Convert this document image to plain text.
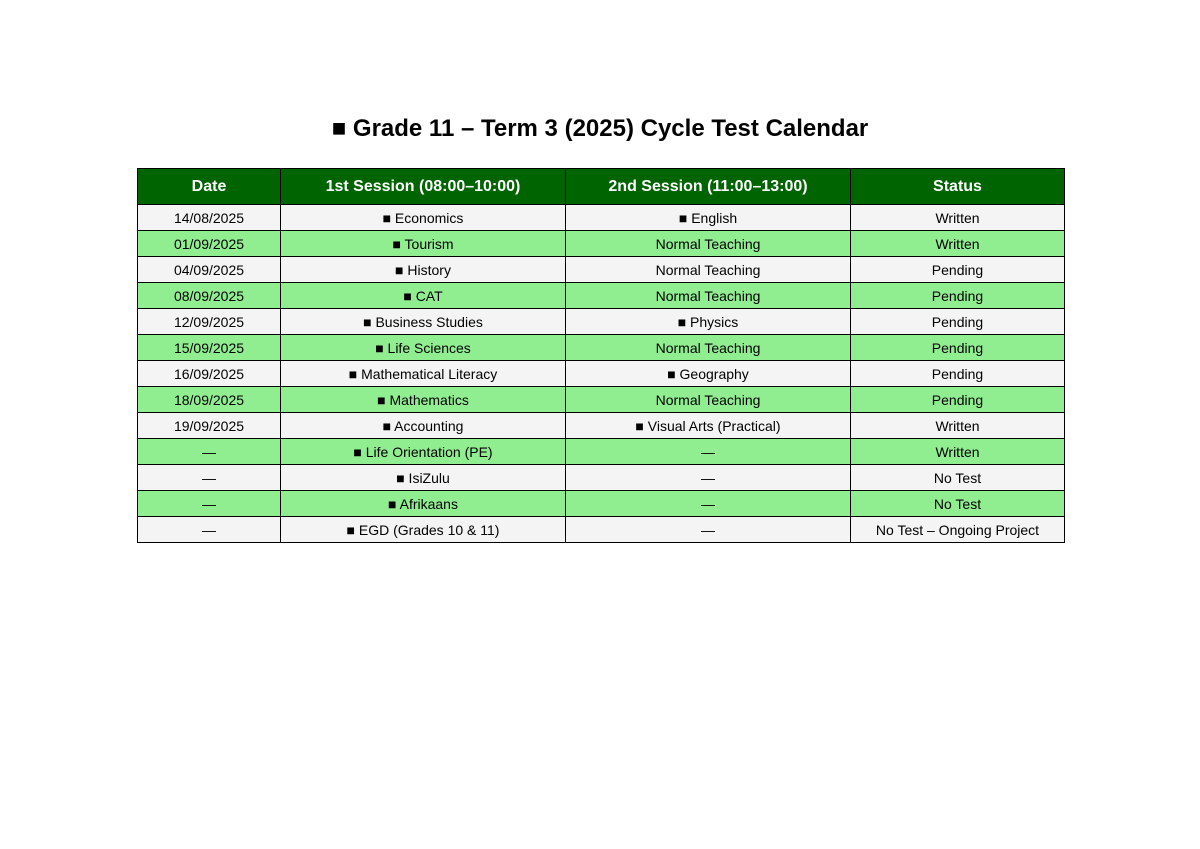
■ Grade 11 – Term 3 (2025) Cycle Test Calendar
Date	1st Session (08:00–10:00)	2nd Session (11:00–13:00)	Status
14/08/2025	■ Economics	■ English	Written
01/09/2025	■ Tourism	Normal Teaching	Written
04/09/2025	■ History	Normal Teaching	Pending
08/09/2025	■ CAT	Normal Teaching	Pending
12/09/2025	■ Business Studies	■ Physics	Pending
15/09/2025	■ Life Sciences	Normal Teaching	Pending
16/09/2025	■ Mathematical Literacy	■ Geography	Pending
18/09/2025	■ Mathematics	Normal Teaching	Pending
19/09/2025	■ Accounting	■ Visual Arts (Practical)	Written
—	■ Life Orientation (PE)	—	Written
—	■ IsiZulu	—	No Test
—	■ Afrikaans	—	No Test
—	■ EGD (Grades 10 & 11)	—	No Test – Ongoing Project
